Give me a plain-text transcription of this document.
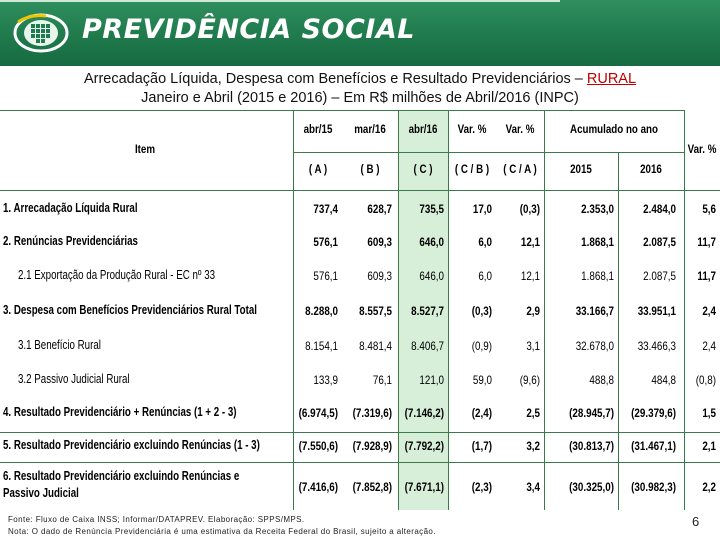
PREVIDÊNCIA SOCIAL
Arrecadação Líquida, Despesa com Benefícios e Resultado Previdenciários – RURAL
Janeiro e Abril (2015 e 2016) – Em R$ milhões de Abril/2016 (INPC)
Item
abr/15	mar/16	abr/16	Var. %	Var. %	Acumulado no ano
Var. %
( A )	( B )	( C )	( C / B )	( C / A )	2015	2016
1. Arrecadação Líquida Rural	737,4	628,7	735,5	17,0	(0,3)	2.353,0	2.484,0	5,6
2. Renúncias Previdenciárias	576,1	609,3	646,0	6,0	12,1	1.868,1	2.087,5	11,7
2.1 Exportação da Produção Rural - EC nº 33	576,1	609,3	646,0	6,0	12,1	1.868,1	2.087,5	11,7
3. Despesa com Benefícios Previdenciários Rural Total	8.288,0	8.557,5	8.527,7	(0,3)	2,9	33.166,7	33.951,1	2,4
3.1 Benefício Rural	8.154,1	8.481,4	8.406,7	(0,9)	3,1	32.678,0	33.466,3	2,4
3.2 Passivo Judicial Rural	133,9	76,1	121,0	59,0	(9,6)	488,8	484,8	(0,8)
4. Resultado Previdenciário + Renúncias (1 + 2 - 3)	(6.974,5)	(7.319,6)	(7.146,2)	(2,4)	2,5	(28.945,7)	(29.379,6)	1,5
5. Resultado Previdenciário excluindo Renúncias (1 - 3)	(7.550,6)	(7.928,9)	(7.792,2)	(1,7)	3,2	(30.813,7)	(31.467,1)	2,1
6. Resultado Previdenciário excluindo Renúncias e
Passivo Judicial	(7.416,6)	(7.852,8)	(7.671,1)	(2,3)	3,4	(30.325,0)	(30.982,3)	2,2
Fonte: Fluxo de Caixa INSS; Informar/DATAPREV. Elaboração: SPPS/MPS.
Nota: O dado de Renúncia Previdenciária é uma estimativa da Receita Federal do Brasil, sujeito a alteração.
6
